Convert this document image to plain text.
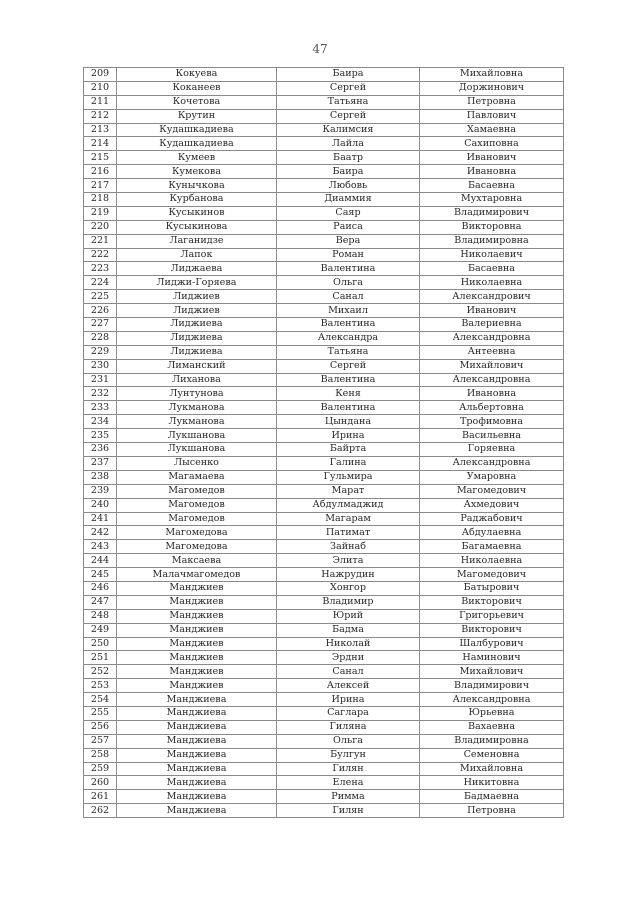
47
209	Кокуева	Баира	Михайловна
210	Коканеев	Сергей	Доржинович
211	Кочетова	Татьяна	Петровна
212	Крутин	Сергей	Павлович
213	Кудашкадиева	Калимсия	Хамаевна
214	Кудашкадиева	Лайла	Сахиповна
215	Кумеев	Баатр	Иванович
216	Кумекова	Баира	Ивановна
217	Кунычкова	Любовь	Басаевна
218	Курбанова	Диаммия	Мухтаровна
219	Кусыкинов	Саяр	Владимирович
220	Кусыкинова	Раиса	Викторовна
221	Лаганидзе	Вера	Владимировна
222	Лапок	Роман	Николаевич
223	Лиджаева	Валентина	Басаевна
224	Лиджи-Горяева	Ольга	Николаевна
225	Лиджиев	Санал	Александрович
226	Лиджиев	Михаил	Иванович
227	Лиджиева	Валентина	Валериевна
228	Лиджиева	Александра	Александровна
229	Лиджиева	Татьяна	Антеевна
230	Лиманский	Сергей	Михайлович
231	Лиханова	Валентина	Александровна
232	Лунтунова	Кеня	Ивановна
233	Лукманова	Валентина	Альбертовна
234	Лукманова	Цындана	Трофимовна
235	Лукшанова	Ирина	Васильевна
236	Лукшанова	Байрта	Горяевна
237	Лысенко	Галина	Александровна
238	Магамаева	Гульмира	Умаровна
239	Магомедов	Марат	Магомедович
240	Магомедов	Абдулмаджид	Ахмедович
241	Магомедов	Магарам	Раджабович
242	Магомедова	Патимат	Абдулаевна
243	Магомедова	Зайнаб	Багамаевна
244	Максаева	Элита	Николаевна
245	Малачмагомедов	Нажрудин	Магомедович
246	Манджиев	Хонгор	Батырович
247	Манджиев	Владимир	Викторович
248	Манджиев	Юрий	Григорьевич
249	Манджиев	Бадма	Викторович
250	Манджиев	Николай	Шалбурович
251	Манджиев	Эрдни	Наминович
252	Манджиев	Санал	Михайлович
253	Манджиев	Алексей	Владимирович
254	Манджиева	Ирина	Александровна
255	Манджиева	Саглара	Юрьевна
256	Манджиева	Гиляна	Вахаевна
257	Манджиева	Ольга	Владимировна
258	Манджиева	Булгун	Семеновна
259	Манджиева	Гилян	Михайловна
260	Манджиева	Елена	Никитовна
261	Манджиева	Римма	Бадмаевна
262	Манджиева	Гилян	Петровна
